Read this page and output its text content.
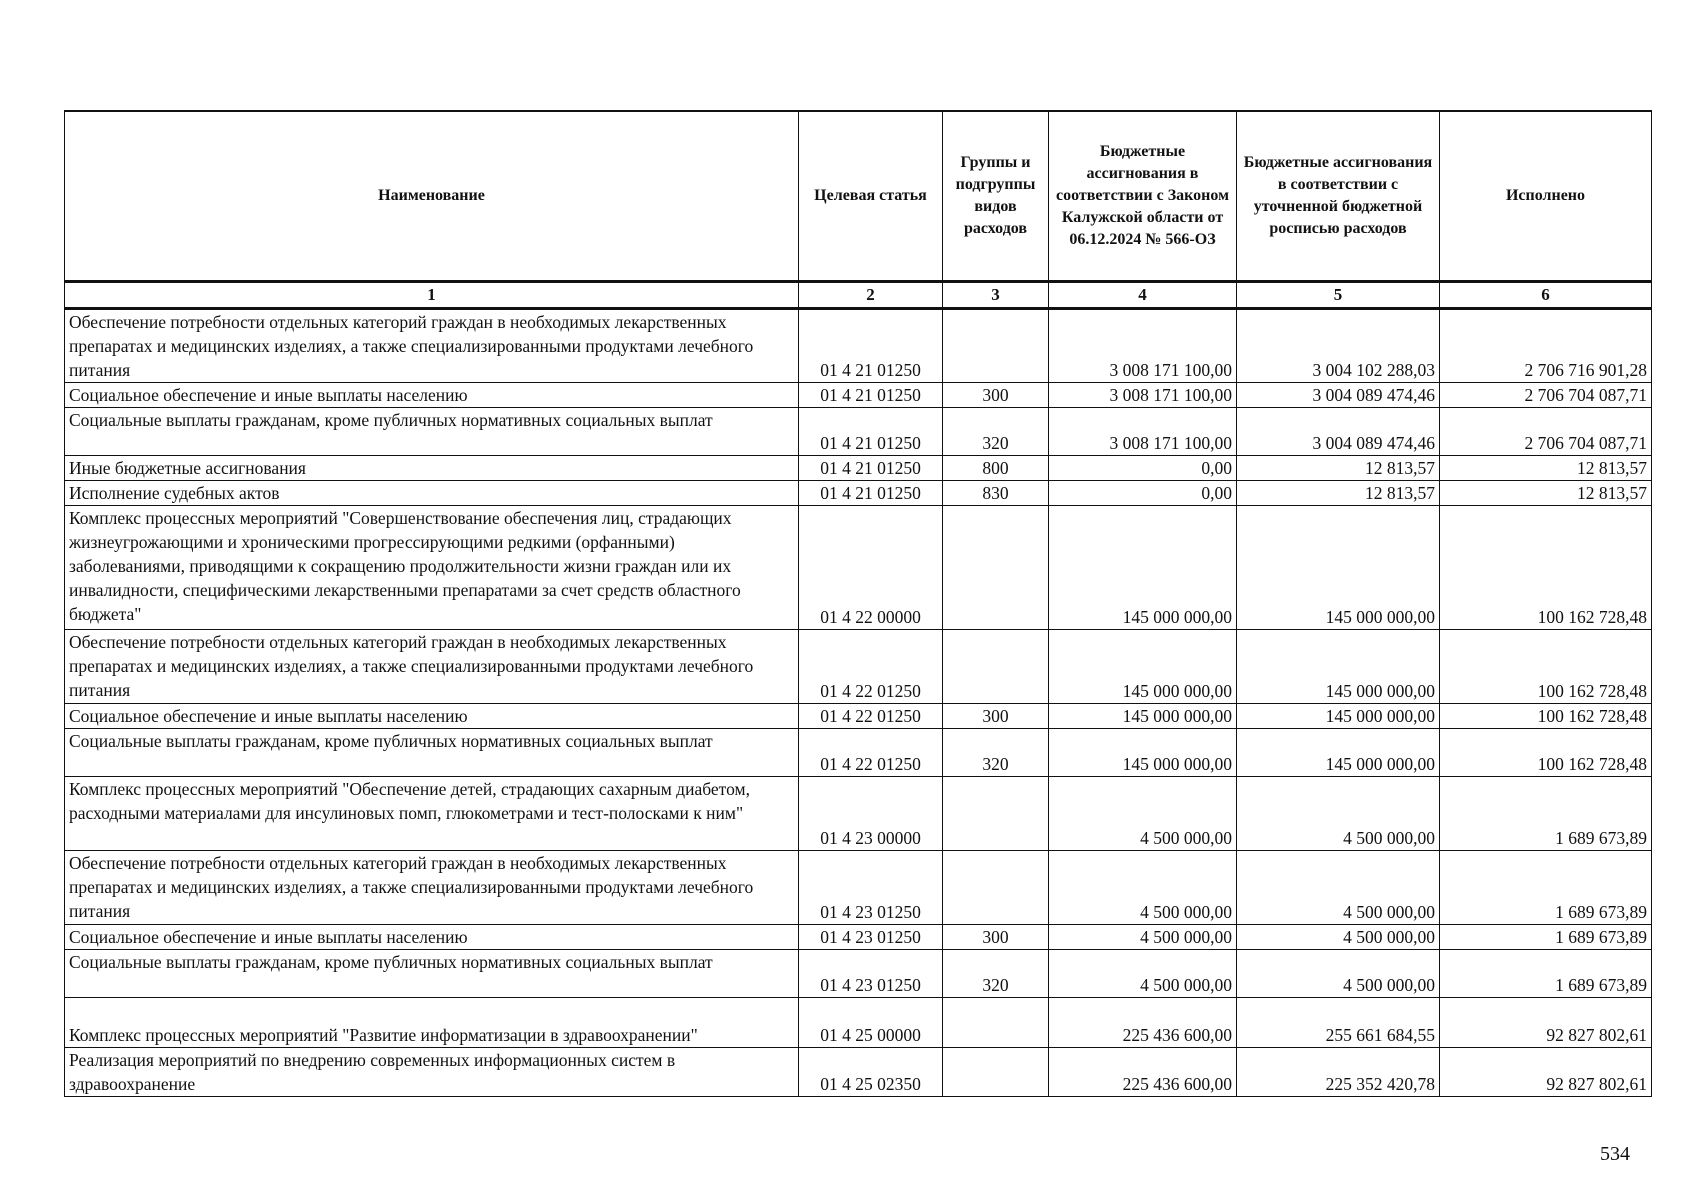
Наименование	Целевая статья	Группы и подгруппы видов расходов	Бюджетные ассигнования в соответствии с Законом Калужской области от 06.12.2024 № 566-ОЗ	Бюджетные ассигнования в соответствии с уточненной бюджетной росписью расходов	Исполнено
1	2	3	4	5	6
Обеспечение потребности отдельных категорий граждан в необходимых лекарственных препаратах и медицинских изделиях, а также специализированными продуктами лечебного питания	01 4 21 01250		3 008 171 100,00	3 004 102 288,03	2 706 716 901,28
Социальное обеспечение и иные выплаты населению	01 4 21 01250	300	3 008 171 100,00	3 004 089 474,46	2 706 704 087,71
Социальные выплаты гражданам, кроме публичных нормативных социальных выплат	01 4 21 01250	320	3 008 171 100,00	3 004 089 474,46	2 706 704 087,71
Иные бюджетные ассигнования	01 4 21 01250	800	0,00	12 813,57	12 813,57
Исполнение судебных актов	01 4 21 01250	830	0,00	12 813,57	12 813,57
Комплекс процессных мероприятий "Совершенствование обеспечения лиц, страдающих жизнеугрожающими и хроническими прогрессирующими редкими (орфанными) заболеваниями, приводящими к сокращению продолжительности жизни граждан или их инвалидности, специфическими лекарственными препаратами за счет средств областного бюджета"	01 4 22 00000		145 000 000,00	145 000 000,00	100 162 728,48
Обеспечение потребности отдельных категорий граждан в необходимых лекарственных препаратах и медицинских изделиях, а также специализированными продуктами лечебного питания	01 4 22 01250		145 000 000,00	145 000 000,00	100 162 728,48
Социальное обеспечение и иные выплаты населению	01 4 22 01250	300	145 000 000,00	145 000 000,00	100 162 728,48
Социальные выплаты гражданам, кроме публичных нормативных социальных выплат	01 4 22 01250	320	145 000 000,00	145 000 000,00	100 162 728,48
Комплекс процессных мероприятий "Обеспечение детей, страдающих сахарным диабетом, расходными материалами для инсулиновых помп, глюкометрами и тест-полосками к ним"	01 4 23 00000		4 500 000,00	4 500 000,00	1 689 673,89
Обеспечение потребности отдельных категорий граждан в необходимых лекарственных препаратах и медицинских изделиях, а также специализированными продуктами лечебного питания	01 4 23 01250		4 500 000,00	4 500 000,00	1 689 673,89
Социальное обеспечение и иные выплаты населению	01 4 23 01250	300	4 500 000,00	4 500 000,00	1 689 673,89
Социальные выплаты гражданам, кроме публичных нормативных социальных выплат	01 4 23 01250	320	4 500 000,00	4 500 000,00	1 689 673,89
Комплекс процессных мероприятий "Развитие информатизации в здравоохранении"	01 4 25 00000		225 436 600,00	255 661 684,55	92 827 802,61
Реализация мероприятий по внедрению современных информационных систем в здравоохранение	01 4 25 02350		225 436 600,00	225 352 420,78	92 827 802,61
534
